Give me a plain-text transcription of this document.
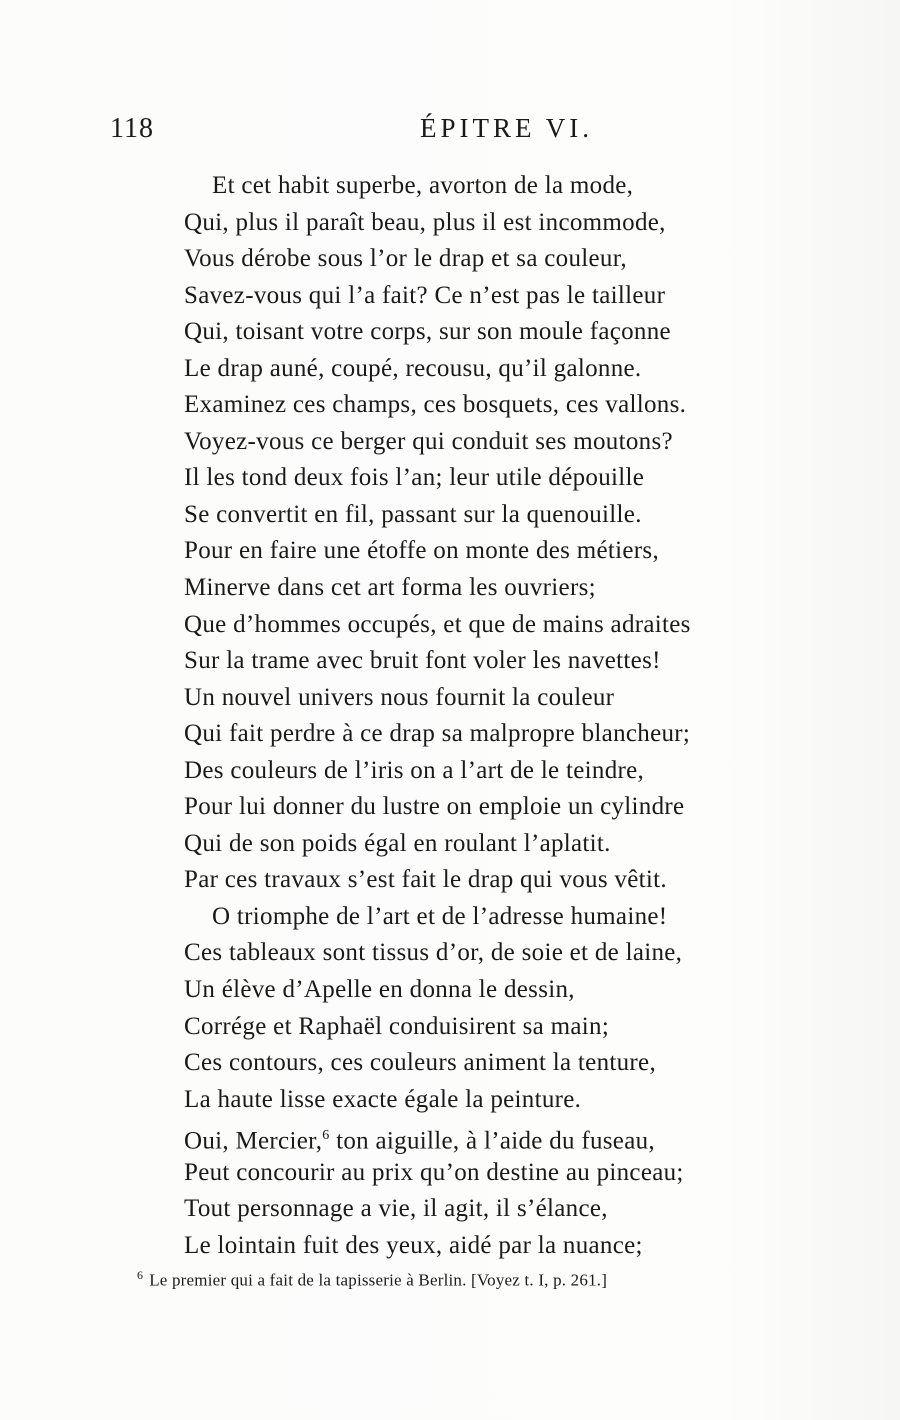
118	ÉPITRE VI.
Et cet habit superbe, avorton de la mode,
Qui, plus il paraît beau, plus il est incommode,
Vous dérobe sous l’or le drap et sa couleur,
Savez-vous qui l’a fait? Ce n’est pas le tailleur
Qui, toisant votre corps, sur son moule façonne
Le drap auné, coupé, recousu, qu’il galonne.
Examinez ces champs, ces bosquets, ces vallons.
Voyez-vous ce berger qui conduit ses moutons?
Il les tond deux fois l’an; leur utile dépouille
Se convertit en fil, passant sur la quenouille.
Pour en faire une étoffe on monte des métiers,
Minerve dans cet art forma les ouvriers;
Que d’hommes occupés, et que de mains adraites
Sur la trame avec bruit font voler les navettes!
Un nouvel univers nous fournit la couleur
Qui fait perdre à ce drap sa malpropre blancheur;
Des couleurs de l’iris on a l’art de le teindre,
Pour lui donner du lustre on emploie un cylindre
Qui de son poids égal en roulant l’aplatit.
Par ces travaux s’est fait le drap qui vous vêtit.
O triomphe de l’art et de l’adresse humaine!
Ces tableaux sont tissus d’or, de soie et de laine,
Un élève d’Apelle en donna le dessin,
Corrége et Raphaël conduisirent sa main;
Ces contours, ces couleurs animent la tenture,
La haute lisse exacte égale la peinture.
Oui, Mercier,$^6$ ton aiguille, à l’aide du fuseau,
Peut concourir au prix qu’on destine au pinceau;
Tout personnage a vie, il agit, il s’élance,
Le lointain fuit des yeux, aidé par la nuance;
$^6$ Le premier qui a fait de la tapisserie à Berlin. [Voyez t. I, p. 261.]
